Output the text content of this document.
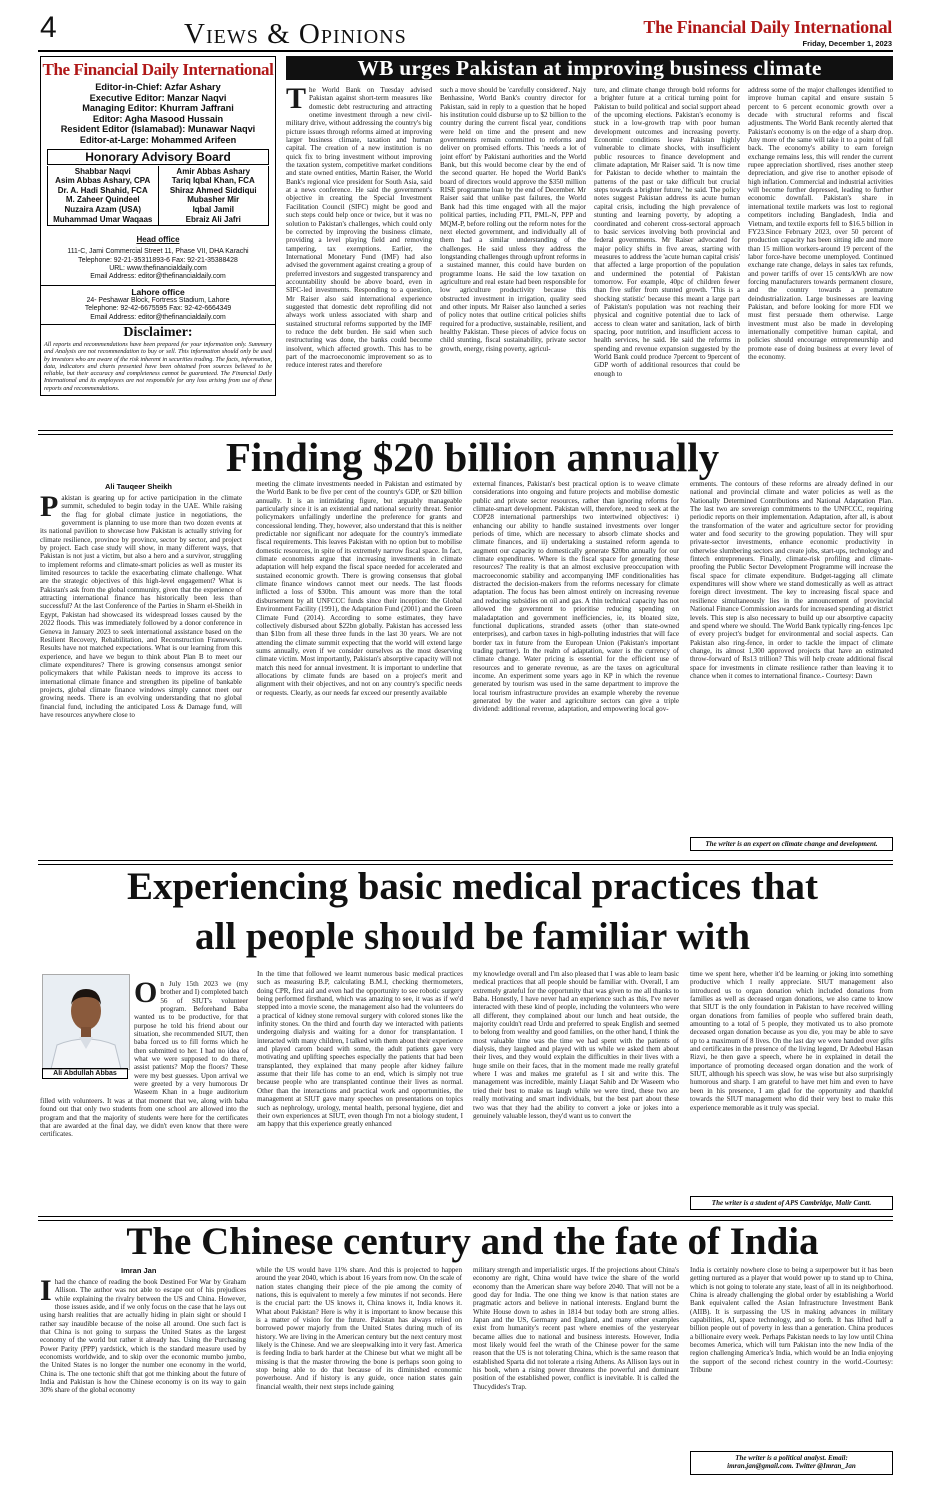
4	Views & Opinions	The Financial Daily International
Friday, December 1, 2023
The Financial Daily International
Editor-in-Chief: Azfar Ashary
Executive Editor: Manzar Naqvi
Managing Editor: Khurram Jaffrani
Editor: Agha Masood Hussain
Resident Editor (Islamabad): Munawar Naqvi
Editor-at-Large: Mohammed Arifeen
Honorary Advisory Board
Shabbar Naqvi
Asim Abbas Ashary, CPA
Dr. A. Hadi Shahid, FCA
M. Zaheer Quindeel
Nuzaira Azam (USA)
Muhammad Umar Waqaas
Amir Abbas Ashary
Tariq Iqbal Khan, FCA
Shiraz Ahmed Siddiqui
Mubasher Mir
Iqbal Jamil
Ebraiz Ali Jafri
Head office
111-C, Jami Commercial Street 11, Phase VII, DHA Karachi
Telephone: 92-21-35311893-6 Fax: 92-21-35388428
URL: www.thefinancialdaily.com
Email Address: editor@thefinancialdaily.com
Lahore office
24- Peshawar Block, Fortress Stadium, Lahore
Telephone: 92-42-6675595 Fax: 92-42-6664349
Email Address: editor@thefinancialdaily.com
Disclaimer:
All reports and recommendations have been prepared for your information only. Summary and Analysis are not recommendation to buy or sell. This information should only be used by investors who are aware of the risk inherent in securities trading. The facts, information, data, indicators and charts presented have been obtained from sources believed to be reliable, but their accuracy and completeness cannot be guaranteed. The Financial Daily International and its employees are not responsible for any loss arising from use of these reports and recommendations.
WB urges Pakistan at improving business climate
The World Bank on Tuesday advised Pakistan against short-term measures like domestic debt restructuring and attracting onetime investment through a new civil-military drive, without addressing the country's big picture issues through reforms aimed at improving larger business climate, taxation and human capital. The creation of a new institution is no quick fix to bring investment without improving the taxation system, competitive market conditions and state owned entities, Martin Raiser, the World Bank's regional vice president for South Asia, said at a news conference. He said the government's objective in creating the Special Investment Facilitation Council (SIFC) might be good and such steps could help once or twice, but it was no solution to Pakistan's challenges, which could only be corrected by improving the business climate, providing a level playing field and removing tampering, tax exemptions. Earlier, the International Monetary Fund (IMF) had also advised the government against creating a group of preferred investors and suggested transparency and accountability should be above board, even in SIFC-led investments. Responding to a question, Mr Raiser also said international experience suggested that domestic debt reprofiling did not always work unless associated with sharp and sustained structural reforms supported by the IMF to reduce the debt burden. He said when such restructuring was done, the banks could become insolvent, which affected growth. This has to be part of the macroeconomic improvement so as to reduce interest rates and therefore
such a move should be 'carefully considered'. Najy Benhassine, World Bank's country director for Pakistan, said in reply to a question that he hoped his institution could disburse up to $2 billion to the country during the current fiscal year, conditions were held on time and the present and new governments remain committed to reforms and deliver on promised efforts. This 'needs a lot of joint effort' by Pakistani authorities and the World Bank, but this would become clear by the end of the second quarter. He hoped the World Bank's board of directors would approve the $350 million RISE programme loan by the end of December. Mr Raiser said that unlike past failures, the World Bank had this time engaged with all the major political parties, including PTI, PML-N, PPP and MQM-P, before rolling out the reform notes for the next elected government, and individually all of them had a similar understanding of the challenges. He said unless they address the longstanding challenges through upfront reforms in a sustained manner, this could have burden on programme loans. He said the low taxation on agriculture and real estate had been responsible for low agriculture productivity because this obstructed investment in irrigation, quality seed and other inputs. Mr Raiser also launched a series of policy notes that outline critical policies shifts required for a productive, sustainable, resilient, and healthy Pakistan. These pieces of advice focus on child stunting, fiscal sustainability, private sector growth, energy, rising poverty, agricul-
ture, and climate change through bold reforms for a brighter future at a critical turning point for Pakistan to build political and social support ahead of the upcoming elections. Pakistan's economy is stuck in a low-growth trap with poor human development outcomes and increasing poverty. Economic conditions leave Pakistan highly vulnerable to climate shocks, with insufficient public resources to finance development and climate adaptation, Mr Raiser said. 'It is now time for Pakistan to decide whether to maintain the patterns of the past or take difficult but crucial steps towards a brighter future,' he said. The policy notes suggest Pakistan address its acute human capital crisis, including the high prevalence of stunting and learning poverty, by adopting a coordinated and coherent cross-sectoral approach to basic services involving both provincial and federal governments. Mr Raiser advocated for major policy shifts in five areas, starting with measures to address the 'acute human capital crisis' that affected a large proportion of the population and undermined the potential of Pakistan tomorrow. For example, 40pc of children fewer than five suffer from stunted growth. 'This is a shocking statistic' because this meant a large part of Pakistan's population was not reaching their physical and cognitive potential due to lack of access to clean water and sanitation, lack of birth spacing, poor nutrition, and insufficient access to health services, he said. He said the reforms in spending and revenue expansion suggested by the World Bank could produce 7percent to 9percent of GDP worth of additional resources that could be enough to
address some of the major challenges identified to improve human capital and ensure sustain 5 percent to 6 percent economic growth over a decade with structural reforms and fiscal adjustments. The World Bank recently alerted that Pakistan's economy is on the edge of a sharp drop. Any more of the same will take it to a point of fall back. The economy's ability to earn foreign exchange remains less, this will render the current rupee appreciation shortlived, rises another steep depreciation, and give rise to another episode of high inflation. Commercial and industrial activities will become further depressed, leading to further economic downfall. Pakistan's share in international textile markets was lost to regional competitors including Bangladesh, India and Vietnam, and textile exports fell to $16.5 billion in FY23.Since February 2023, over 50 percent of production capacity has been sitting idle and more than 15 million workers-around 19 percent of the labor force-have become unemployed. Continued exchange rate change, delays in sales tax refunds, and power tariffs of over 15 cents/kWh are now forcing manufacturers towards permanent closure, and the country towards a premature deindustrialization. Large businesses are leaving Pakistan, and before looking for more FDI we must first persuade them otherwise. Large investment must also be made in developing internationally competitive human capital, and policies should encourage entrepreneurship and promote ease of doing business at every level of the economy.
Finding $20 billion annually
Ali Tauqeer Sheikh
Pakistan is gearing up for active participation in the climate summit, scheduled to begin today in the UAE. While raising the flag for global climate justice in negotiations, the government is planning to use more than two dozen events at its national pavilion to showcase how Pakistan is actually striving for climate resilience, province by province, sector by sector, and project by project. Each case study will show, in many different ways, that Pakistan is not just a victim, but also a hero and a survivor, struggling to implement reforms and climate-smart policies as well as muster its limited resources to tackle the exacerbating climate challenge. What are the strategic objectives of this high-level engagement? What is Pakistan's ask from the global community, given that the experience of attracting international finance has historically been less than successful? At the last Conference of the Parties in Sharm el-Sheikh in Egypt, Pakistan had showcased its widespread losses caused by the 2022 floods. This was immediately followed by a donor conference in Geneva in January 2023 to seek international assistance based on the Resilient Recovery, Rehabilitation, and Reconstruction Framework. Results have not matched expectations. What is our learning from this experience, and have we begun to think about Plan B to meet our climate expenditures? There is growing consensus amongst senior policymakers that while Pakistan needs to improve its access to international climate finance and strengthen its pipeline of bankable projects, global climate finance windows simply cannot meet our growing needs. There is an evolving understanding that no global financial fund, including the anticipated Loss & Damage fund, will have resources anywhere close to
meeting the climate investments needed in Pakistan and estimated by the World Bank to be five per cent of the country's GDP, or $20 billion annually. It is an intimidating figure, but arguably manageable particularly since it is an existential and national security threat. Senior policymakers unfailingly underline the preference for grants and concessional lending. They, however, also understand that this is neither predictable nor significant nor adequate for the country's immediate fiscal requirements. This leaves Pakistan with no option but to mobilise domestic resources, in spite of its extremely narrow fiscal space. In fact, climate economists argue that increasing investments in climate adaptation will help expand the fiscal space needed for accelerated and sustained economic growth. There is growing consensus that global climate finance windows cannot meet our needs. The last floods inflicted a loss of $30bn. This amount was more than the total disbursement by all UNFCCC funds since their inception: the Global Environment Facility (1991), the Adaptation Fund (2001) and the Green Climate Fund (2014). According to some estimates, they have collectively disbursed about $22bn globally. Pakistan has accessed less than $1bn from all these three funds in the last 30 years. We are not attending the climate summit expecting that the world will extend large sums annually, even if we consider ourselves as the most deserving climate victim. Most importantly, Pakistan's absorptive capacity will not match this need for annual investment. It is important to underline that allocations by climate funds are based on a project's merit and alignment with their objectives, and not on any country's specific needs or requests. Clearly, as our needs far exceed our presently available
external finances, Pakistan's best practical option is to weave climate considerations into ongoing and future projects and mobilise domestic public and private sector resources, rather than ignoring reforms for climate-smart development. Pakistan will, therefore, need to seek at the COP28 international partnerships two intertwined objectives: i) enhancing our ability to handle sustained investments over longer periods of time, which are necessary to absorb climate shocks and climate finances, and ii) undertaking a sustained reform agenda to augment our capacity to domestically generate $20bn annually for our climate expenditures. Where is the fiscal space for generating these resources? The reality is that an almost exclusive preoccupation with macroeconomic stability and accompanying IMF conditionalities has distracted the decision-makers from the reforms necessary for climate adaptation. The focus has been almost entirely on increasing revenue and reducing subsidies on oil and gas. A thin technical capacity has not allowed the government to prioritise reducing spending on maladaptation and government inefficiencies, ie, its bloated size, functional duplications, stranded assets (other than state-owned enterprises), and carbon taxes in high-polluting industries that will face border tax in future from the European Union (Pakistan's important trading partner). In the realm of adaptation, water is the currency of climate change. Water pricing is essential for the efficient use of resources and to generate revenue, as are the taxes on agricultural income. An experiment some years ago in KP in which the revenue generated by tourism was used in the same department to improve the local tourism infrastructure provides an example whereby the revenue generated by the water and agriculture sectors can give a triple dividend: additional revenue, adaptation, and empowering local gov-
ernments. The contours of these reforms are already defined in our national and provincial climate and water policies as well as the Nationally Determined Contributions and National Adaptation Plan. The last two are sovereign commitments to the UNFCCC, requiring periodic reports on their implementation. Adaptation, after all, is about the transformation of the water and agriculture sector for providing water and food security to the growing population. They will spur private-sector investments, enhance economic productivity in otherwise slumbering sectors and create jobs, start-ups, technology and fintech entrepreneurs. Finally, climate-risk profiling and climate-proofing the Public Sector Development Programme will increase the fiscal space for climate expenditure. Budget-tagging all climate expenditures will show where we stand domestically as well as attract foreign direct investment. The key to increasing fiscal space and resilience simultaneously lies in the announcement of provincial National Finance Commission awards for increased spending at district levels. This step is also necessary to build up our absorptive capacity and spend where we should. The World Bank typically ring-fences 1pc of every project's budget for environmental and social aspects. Can Pakistan also ring-fence, in order to tackle the impact of climate change, its almost 1,300 approved projects that have an estimated throw-forward of Rs13 trillion? This will help create additional fiscal space for investments in climate resilience rather than leaving it to chance when it comes to international finance.- Courtesy: Dawn
The writer is an expert on climate change and development.
Experiencing basic medical practices that
all people should be familiar with
Ali Abdullah Abbas
On July 15th 2023 we (my brother and I) completed batch 56 of SIUT's volunteer program. Beforehand Baba wanted us to be productive, for that purpose he told his friend about our situation, she recommended SIUT, then baba forced us to fill forms which he then submitted to her. I had no idea of what we were supposed to do there, assist patients? Mop the floors? These were my best guesses. Upon arrival we were greeted by a very humorous Dr Waseem Khan in a huge auditorium filled with volunteers. It was at that moment that we, along with baba found out that only two students from one school are allowed into the program and that the majority of students were here for the certificates that are awarded at the final day, we didn't even know that there were certificates.
In the time that followed we learnt numerous basic medical practices such as measuring B.P, calculating B.M.I, checking thermometers, doing CPR, first aid and even had the opportunity to see robotic surgery being performed firsthand, which was amazing to see, it was as if we'd stepped into a movie scene, the management also had the volunteers do a practical of kidney stone removal surgery with colored stones like the infinity stones. On the third and fourth day we interacted with patients undergoing dialysis and waiting for a donor for transplantation. I interacted with many children, I talked with them about their experience and played carom board with some, the adult patients gave very motivating and uplifting speeches especially the patients that had been transplanted, they explained that many people after kidney failure assume that their life has come to an end, which is simply not true because people who are transplanted continue their lives as normal. Other than the interactions and practical work and opportunities, the management at SIUT gave many speeches on presentations on topics such as nephrology, urology, mental health, personal hygiene, diet and their own experiences at SIUT, even though I'm not a biology student, I am happy that this experience greatly enhanced
my knowledge overall and I'm also pleased that I was able to learn basic medical practices that all people should be familiar with. Overall, I am extremely grateful for the opportunity that was given to me all thanks to Baba. Honestly, I have never had an experience such as this, I've never interacted with these kind of people, including the volunteers who were all different, they complained about our lunch and heat outside, the majority couldn't read Urdu and preferred to speak English and seemed to belong from wealthy and good families, on the other hand, I think the most valuable time was the time we had spent with the patients of dialysis, they laughed and played with us while we asked them about their lives, and they would explain the difficulties in their lives with a huge smile on their faces, that in the moment made me really grateful where I was and makes me grateful as I sit and write this. The management was incredible, mainly Liaqat Sahib and Dr Waseem who tried their best to make us laugh while we were tired, these two are really motivating and smart individuals, but the best part about these two was that they had the ability to convert a joke or jokes into a genuinely valuable lesson, they'd want us to convert the
time we spent here, whether it'd be learning or joking into something productive which I really appreciate. SIUT management also introduced us to organ donation which included donations from families as well as deceased organ donations, we also came to know that SIUT is the only foundation in Pakistan to have received willing organ donations from families of people who suffered brain death, amounting to a total of 5 people, they motivated us to also promote deceased organ donation because as you die, you may be able to save up to a maximum of 8 lives. On the last day we were handed over gifts and certificates in the presence of the living legend, Dr Adeebul Hasan Rizvi, he then gave a speech, where he in explained in detail the importance of promoting deceased organ donation and the work of SIUT, although his speech was slow, he was wise but also surprisingly humorous and sharp. I am grateful to have met him and even to have been in his presence, I am glad for the opportunity and thankful towards the SIUT management who did their very best to make this experience memorable as it truly was special.
The writer is a student of APS Cambridge, Malir Cantt.
The Chinese century and the fate of India
Imran Jan
I had the chance of reading the book Destined For War by Graham Allison. The author was not able to escape out of his prejudices while explaining the rivalry between the US and China. However, those issues aside, and if we only focus on the case that he lays out using harsh realities that are actually hiding in plain sight or should I rather say inaudible because of the noise all around. One such fact is that China is not going to surpass the United States as the largest economy of the world but rather it already has. Using the Purchasing Power Parity (PPP) yardstick, which is the standard measure used by economists worldwide, and to skip over the economic mumbo jumbo, the United States is no longer the number one economy in the world, China is. The one tectonic shift that got me thinking about the future of India and Pakistan is how the Chinese economy is on its way to gain 30% share of the global economy
while the US would have 11% share. And this is projected to happen around the year 2040, which is about 16 years from now. On the scale of nation states changing their piece of the pie among the comity of nations, this is equivalent to merely a few minutes if not seconds. Here is the crucial part: the US knows it, China knows it, India knows it. What about Pakistan? Here is why it is important to know because this is a matter of vision for the future. Pakistan has always relied on borrowed power majorly from the United States during much of its history. We are living in the American century but the next century most likely is the Chinese. And we are sleepwalking into it very fast. America is feeding India to bark harder at the Chinese but what we might all be missing is that the master throwing the bone is perhaps soon going to stop being able to do that because of its diminished economic powerhouse. And if history is any guide, once nation states gain financial wealth, their next steps include gaining
military strength and imperialistic urges. If the projections about China's economy are right, China would have twice the share of the world economy than the American share way before 2040. That will not be a good day for India. The one thing we know is that nation states are pragmatic actors and believe in national interests. England burnt the White House down to ashes in 1814 but today both are strong allies. Japan and the US, Germany and England, and many other examples exist from humanity's recent past where enemies of the yesteryear became allies due to national and business interests. However, India most likely would feel the wrath of the Chinese power for the same reason that the US is not tolerating China, which is the same reason that established Sparta did not tolerate a rising Athens. As Allison lays out in his book, when a rising power threatens the powerful and dominant position of the established power, conflict is inevitable. It is called the Thucydides's Trap.
India is certainly nowhere close to being a superpower but it has been getting nurtured as a player that would power up to stand up to China, which is not going to tolerate any state, least of all in its neighborhood. China is already challenging the global order by establishing a World Bank equivalent called the Asian Infrastructure Investment Bank (AIIB). It is surpassing the US in making advances in military capabilities, AI, space technology, and so forth. It has lifted half a billion people out of poverty in less than a generation. China produces a billionaire every week. Perhaps Pakistan needs to lay low until China becomes America, which will turn Pakistan into the new India of the region challenging America's India, which would be an India enjoying the support of the second richest country in the world.-Courtesy: Tribune
The writer is a political analyst. Email:
imran.jan@gmail.com. Twitter @Imran_Jan
